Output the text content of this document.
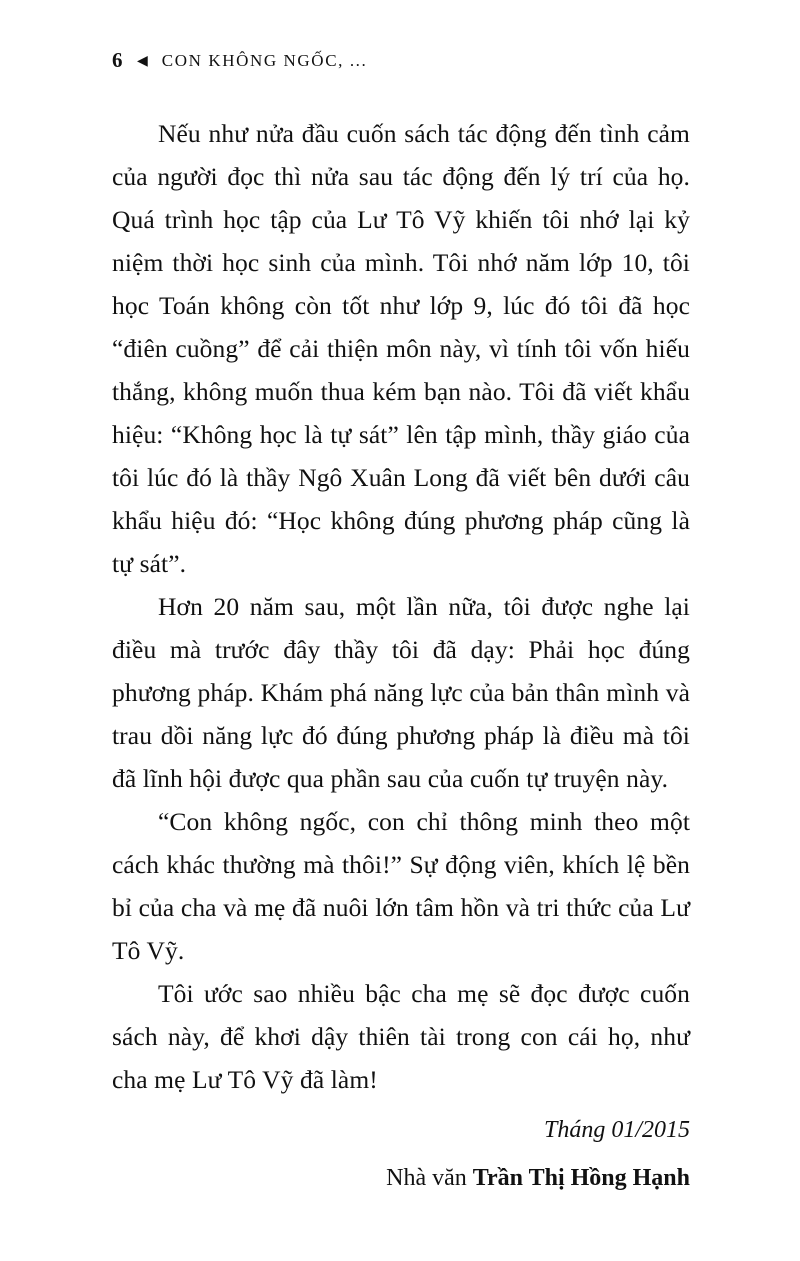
6 ◀ CON KHÔNG NGỐC, ...

Nếu như nửa đầu cuốn sách tác động đến tình cảm của người đọc thì nửa sau tác động đến lý trí của họ. Quá trình học tập của Lư Tô Vỹ khiến tôi nhớ lại kỷ niệm thời học sinh của mình. Tôi nhớ năm lớp 10, tôi học Toán không còn tốt như lớp 9, lúc đó tôi đã học “điên cuồng” để cải thiện môn này, vì tính tôi vốn hiếu thắng, không muốn thua kém bạn nào. Tôi đã viết khẩu hiệu: “Không học là tự sát” lên tập mình, thầy giáo của tôi lúc đó là thầy Ngô Xuân Long đã viết bên dưới câu khẩu hiệu đó: “Học không đúng phương pháp cũng là tự sát”.

Hơn 20 năm sau, một lần nữa, tôi được nghe lại điều mà trước đây thầy tôi đã dạy: Phải học đúng phương pháp. Khám phá năng lực của bản thân mình và trau dồi năng lực đó đúng phương pháp là điều mà tôi đã lĩnh hội được qua phần sau của cuốn tự truyện này.

“Con không ngốc, con chỉ thông minh theo một cách khác thường mà thôi!” Sự động viên, khích lệ bền bỉ của cha và mẹ đã nuôi lớn tâm hồn và tri thức của Lư Tô Vỹ.

Tôi ước sao nhiều bậc cha mẹ sẽ đọc được cuốn sách này, để khơi dậy thiên tài trong con cái họ, như cha mẹ Lư Tô Vỹ đã làm!

Tháng 01/2015
Nhà văn Trần Thị Hồng Hạnh
